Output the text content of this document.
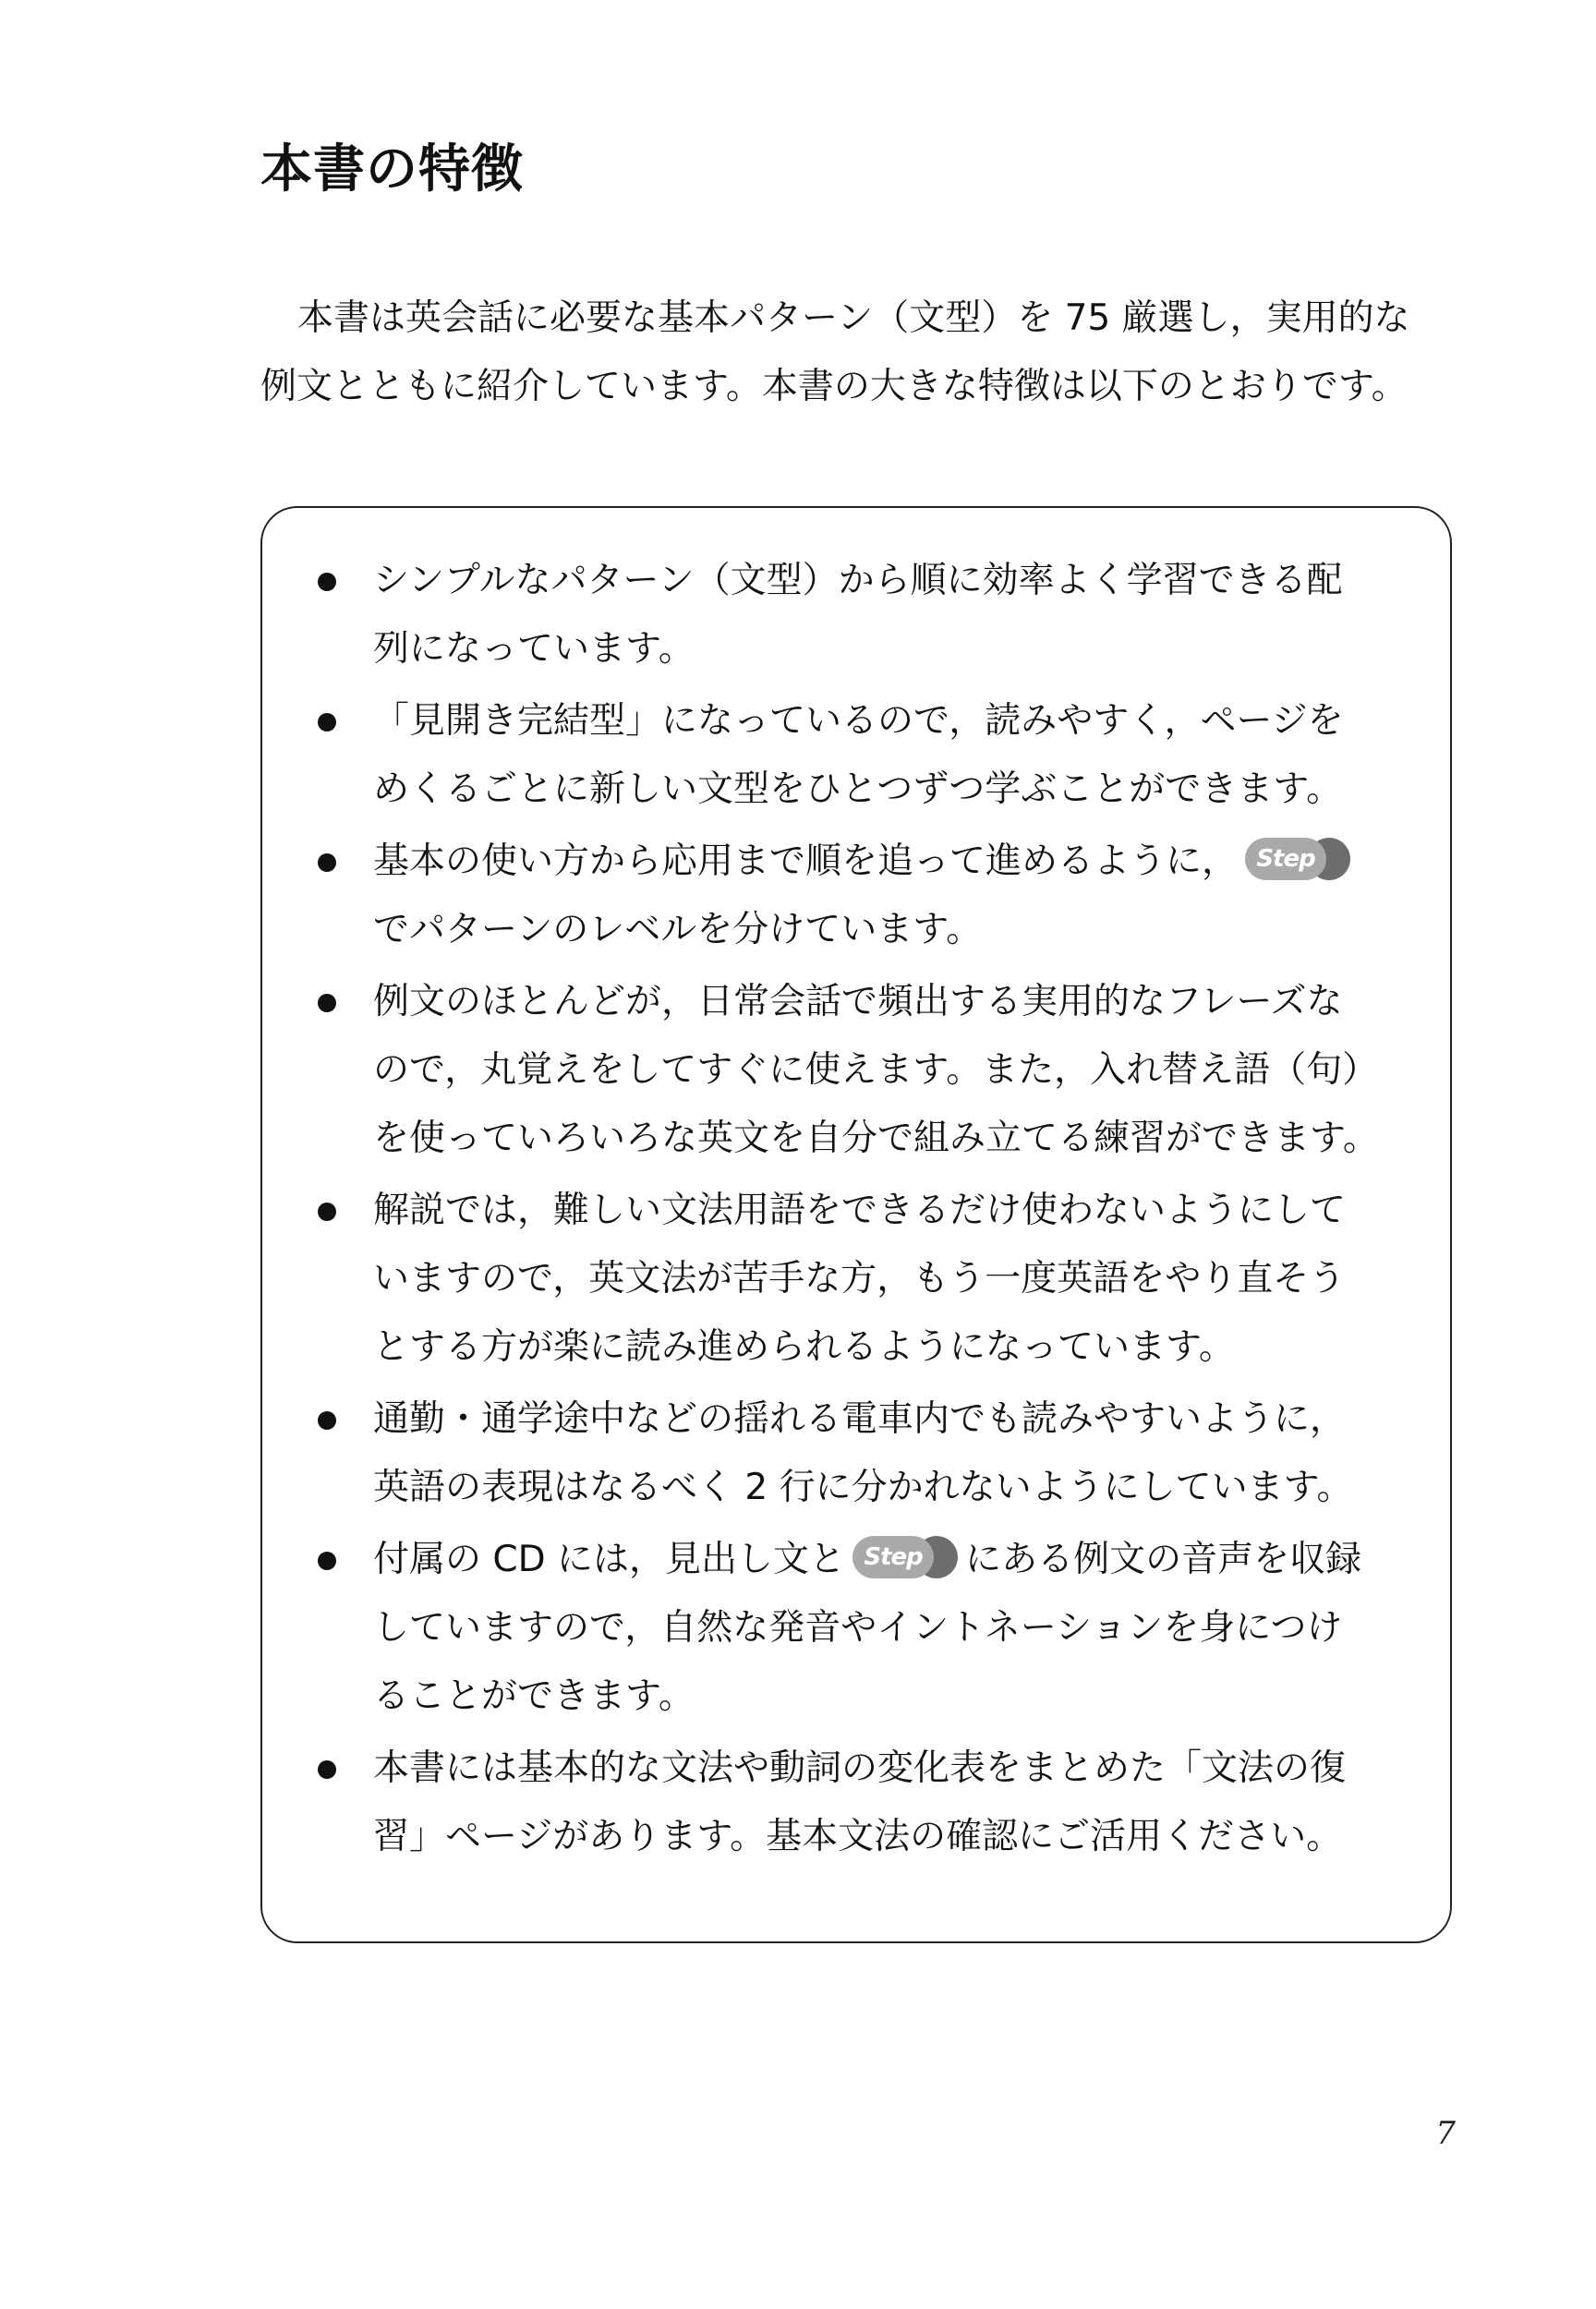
本書の特徴

本書は英会話に必要な基本パターン（文型）を 75 厳選し，実用的な

例文とともに紹介しています。本書の大きな特徴は以下のとおりです。

シンプルなパターン（文型）から順に効率よく学習できる配
列になっています。
「見開き完結型」になっているので，読みやすく，ページを
めくるごとに新しい文型をひとつずつ学ぶことができます。
基本の使い方から応用まで順を追って進めるように， Step
でパターンのレベルを分けています。
例文のほとんどが，日常会話で頻出する実用的なフレーズな
ので，丸覚えをしてすぐに使えます。また，入れ替え語（句）
を使っていろいろな英文を自分で組み立てる練習ができます。
解説では，難しい文法用語をできるだけ使わないようにして
いますので，英文法が苦手な方，もう一度英語をやり直そう
とする方が楽に読み進められるようになっています。
通勤・通学途中などの揺れる電車内でも読みやすいように，
英語の表現はなるべく 2 行に分かれないようにしています。
付属の CD には，見出し文と Step	にある例文の音声を収録
していますので，自然な発音やイントネーションを身につけ
ることができます。
本書には基本的な文法や動詞の変化表をまとめた「文法の復
習」ページがあります。基本文法の確認にご活用ください。
7
